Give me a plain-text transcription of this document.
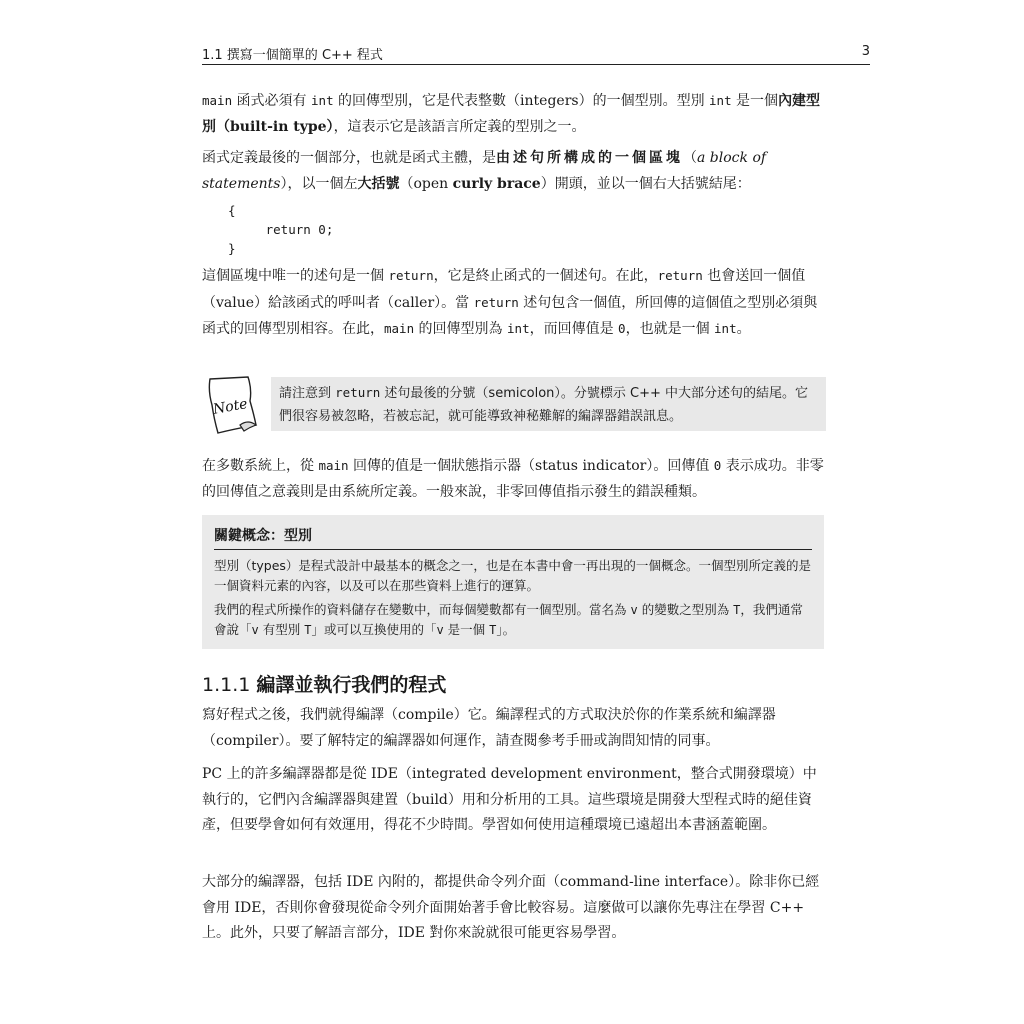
1.1 撰寫一個簡單的 C++ 程式	3

main 函式必須有 int 的回傳型別，它是代表整數（integers）的一個型別。型別 int 是一個內建型別（built-in type），這表示它是該語言所定義的型別之一。

函式定義最後的一個部分，也就是函式主體，是由述句所構成的一個區塊（a block of statements），以一個左大括號（open curly brace）開頭，並以一個右大括號結尾：

{
return 0;
}

這個區塊中唯一的述句是一個 return，它是終止函式的一個述句。在此，return 也會送回一個值（value）給該函式的呼叫者（caller）。當 return 述句包含一個值，所回傳的這個值之型別必須與函式的回傳型別相容。在此，main 的回傳型別為 int，而回傳值是 0，也就是一個 int。

Note
請注意到 return 述句最後的分號（semicolon）。分號標示 C++ 中大部分述句的結尾。它們很容易被忽略，若被忘記，就可能導致神秘難解的編譯器錯誤訊息。

在多數系統上，從 main 回傳的值是一個狀態指示器（status indicator）。回傳值 0 表示成功。非零的回傳值之意義則是由系統所定義。一般來說，非零回傳值指示發生的錯誤種類。

關鍵概念：型別

型別（types）是程式設計中最基本的概念之一，也是在本書中會一再出現的一個概念。一個型別所定義的是一個資料元素的內容，以及可以在那些資料上進行的運算。

我們的程式所操作的資料儲存在變數中，而每個變數都有一個型別。當名為 v 的變數之型別為 T，我們通常會說「v 有型別 T」或可以互換使用的「v 是一個 T」。

1.1.1 編譯並執行我們的程式

寫好程式之後，我們就得編譯（compile）它。編譯程式的方式取決於你的作業系統和編譯器（compiler）。要了解特定的編譯器如何運作，請查閱參考手冊或詢問知情的同事。

PC 上的許多編譯器都是從 IDE（integrated development environment，整合式開發環境）中執行的，它們內含編譯器與建置（build）用和分析用的工具。這些環境是開發大型程式時的絕佳資產，但要學會如何有效運用，得花不少時間。學習如何使用這種環境已遠超出本書涵蓋範圍。

大部分的編譯器，包括 IDE 內附的，都提供命令列介面（command-line interface）。除非你已經會用 IDE，否則你會發現從命令列介面開始著手會比較容易。這麼做可以讓你先專注在學習 C++ 上。此外，只要了解語言部分，IDE 對你來說就很可能更容易學習。
